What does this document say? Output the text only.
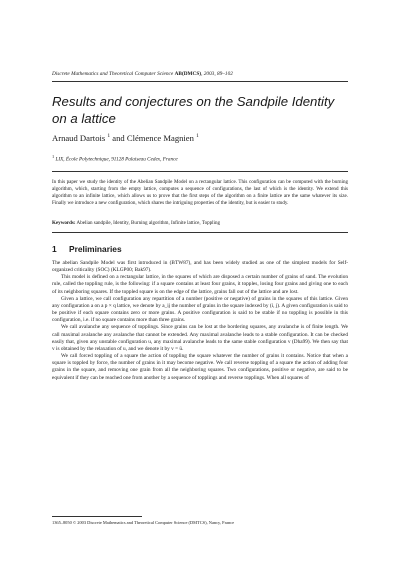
Discrete Mathematics and Theoretical Computer Science AB(DMCS), 2003, 89–102
Results and conjectures on the Sandpile Identity on a lattice
Arnaud Dartois $^1$ and Clémence Magnien $^1$
$^1$ LIX, École Polytechnique, 91128 Palaiseau Cedex, France

In this paper we study the identity of the Abelian Sandpile Model on a rectangular lattice. This configuration can be computed with the burning algorithm, which, starting from the empty lattice, computes a sequence of configurations, the last of which is the identity. We extend this algorithm to an infinite lattice, which allows us to prove that the first steps of the algorithm on a finite lattice are the same whatever its size. Finally we introduce a new configuration, which shares the intriguing properties of the identity, but is easier to study.

Keywords: Abelian sandpile, Identity, Burning algorithm, Infinite lattice, Toppling
1 Preliminaries

The abelian Sandpile Model was first introduced in (BTW87), and has been widely studied as one of the simplest models for Self-organized criticality (SOC) (KLGP00; Bak97).

This model is defined on a rectangular lattice, in the squares of which are disposed a certain number of grains of sand. The evolution rule, called the toppling rule, is the following: if a square contains at least four grains, it topples, losing four grains and giving one to each of its neighboring squares. If the toppled square is on the edge of the lattice, grains fall out of the lattice and are lost.

Given a lattice, we call configuration any repartition of a number (positive or negative) of grains in the squares of this lattice. Given any configuration a on a p × q lattice, we denote by a_ij the number of grains in the square indexed by (i, j). A given configuration is said to be positive if each square contains zero or more grains. A positive configuration is said to be stable if no toppling is possible in this configuration, i.e. if no square contains more than three grains.

We call avalanche any sequence of topplings. Since grains can be lost at the bordering squares, any avalanche is of finite length. We call maximal avalanche any avalanche that cannot be extended. Any maximal avalanche leads to a stable configuration. It can be checked easily that, given any unstable configuration u, any maximal avalanche leads to the same stable configuration v (Dha99). We then say that v is obtained by the relaxation of u, and we denote it by v = ū.

We call forced toppling of a square the action of toppling the square whatever the number of grains it contains. Notice that when a square is toppled by force, the number of grains in it may become negative. We call reverse toppling of a square the action of adding four grains in the square, and removing one grain from all the neighboring squares. Two configurations, positive or negative, are said to be equivalent if they can be reached one from another by a sequence of topplings and reverse topplings. When all squares of

1365–8050 © 2003 Discrete Mathematics and Theoretical Computer Science (DMTCS), Nancy, France
